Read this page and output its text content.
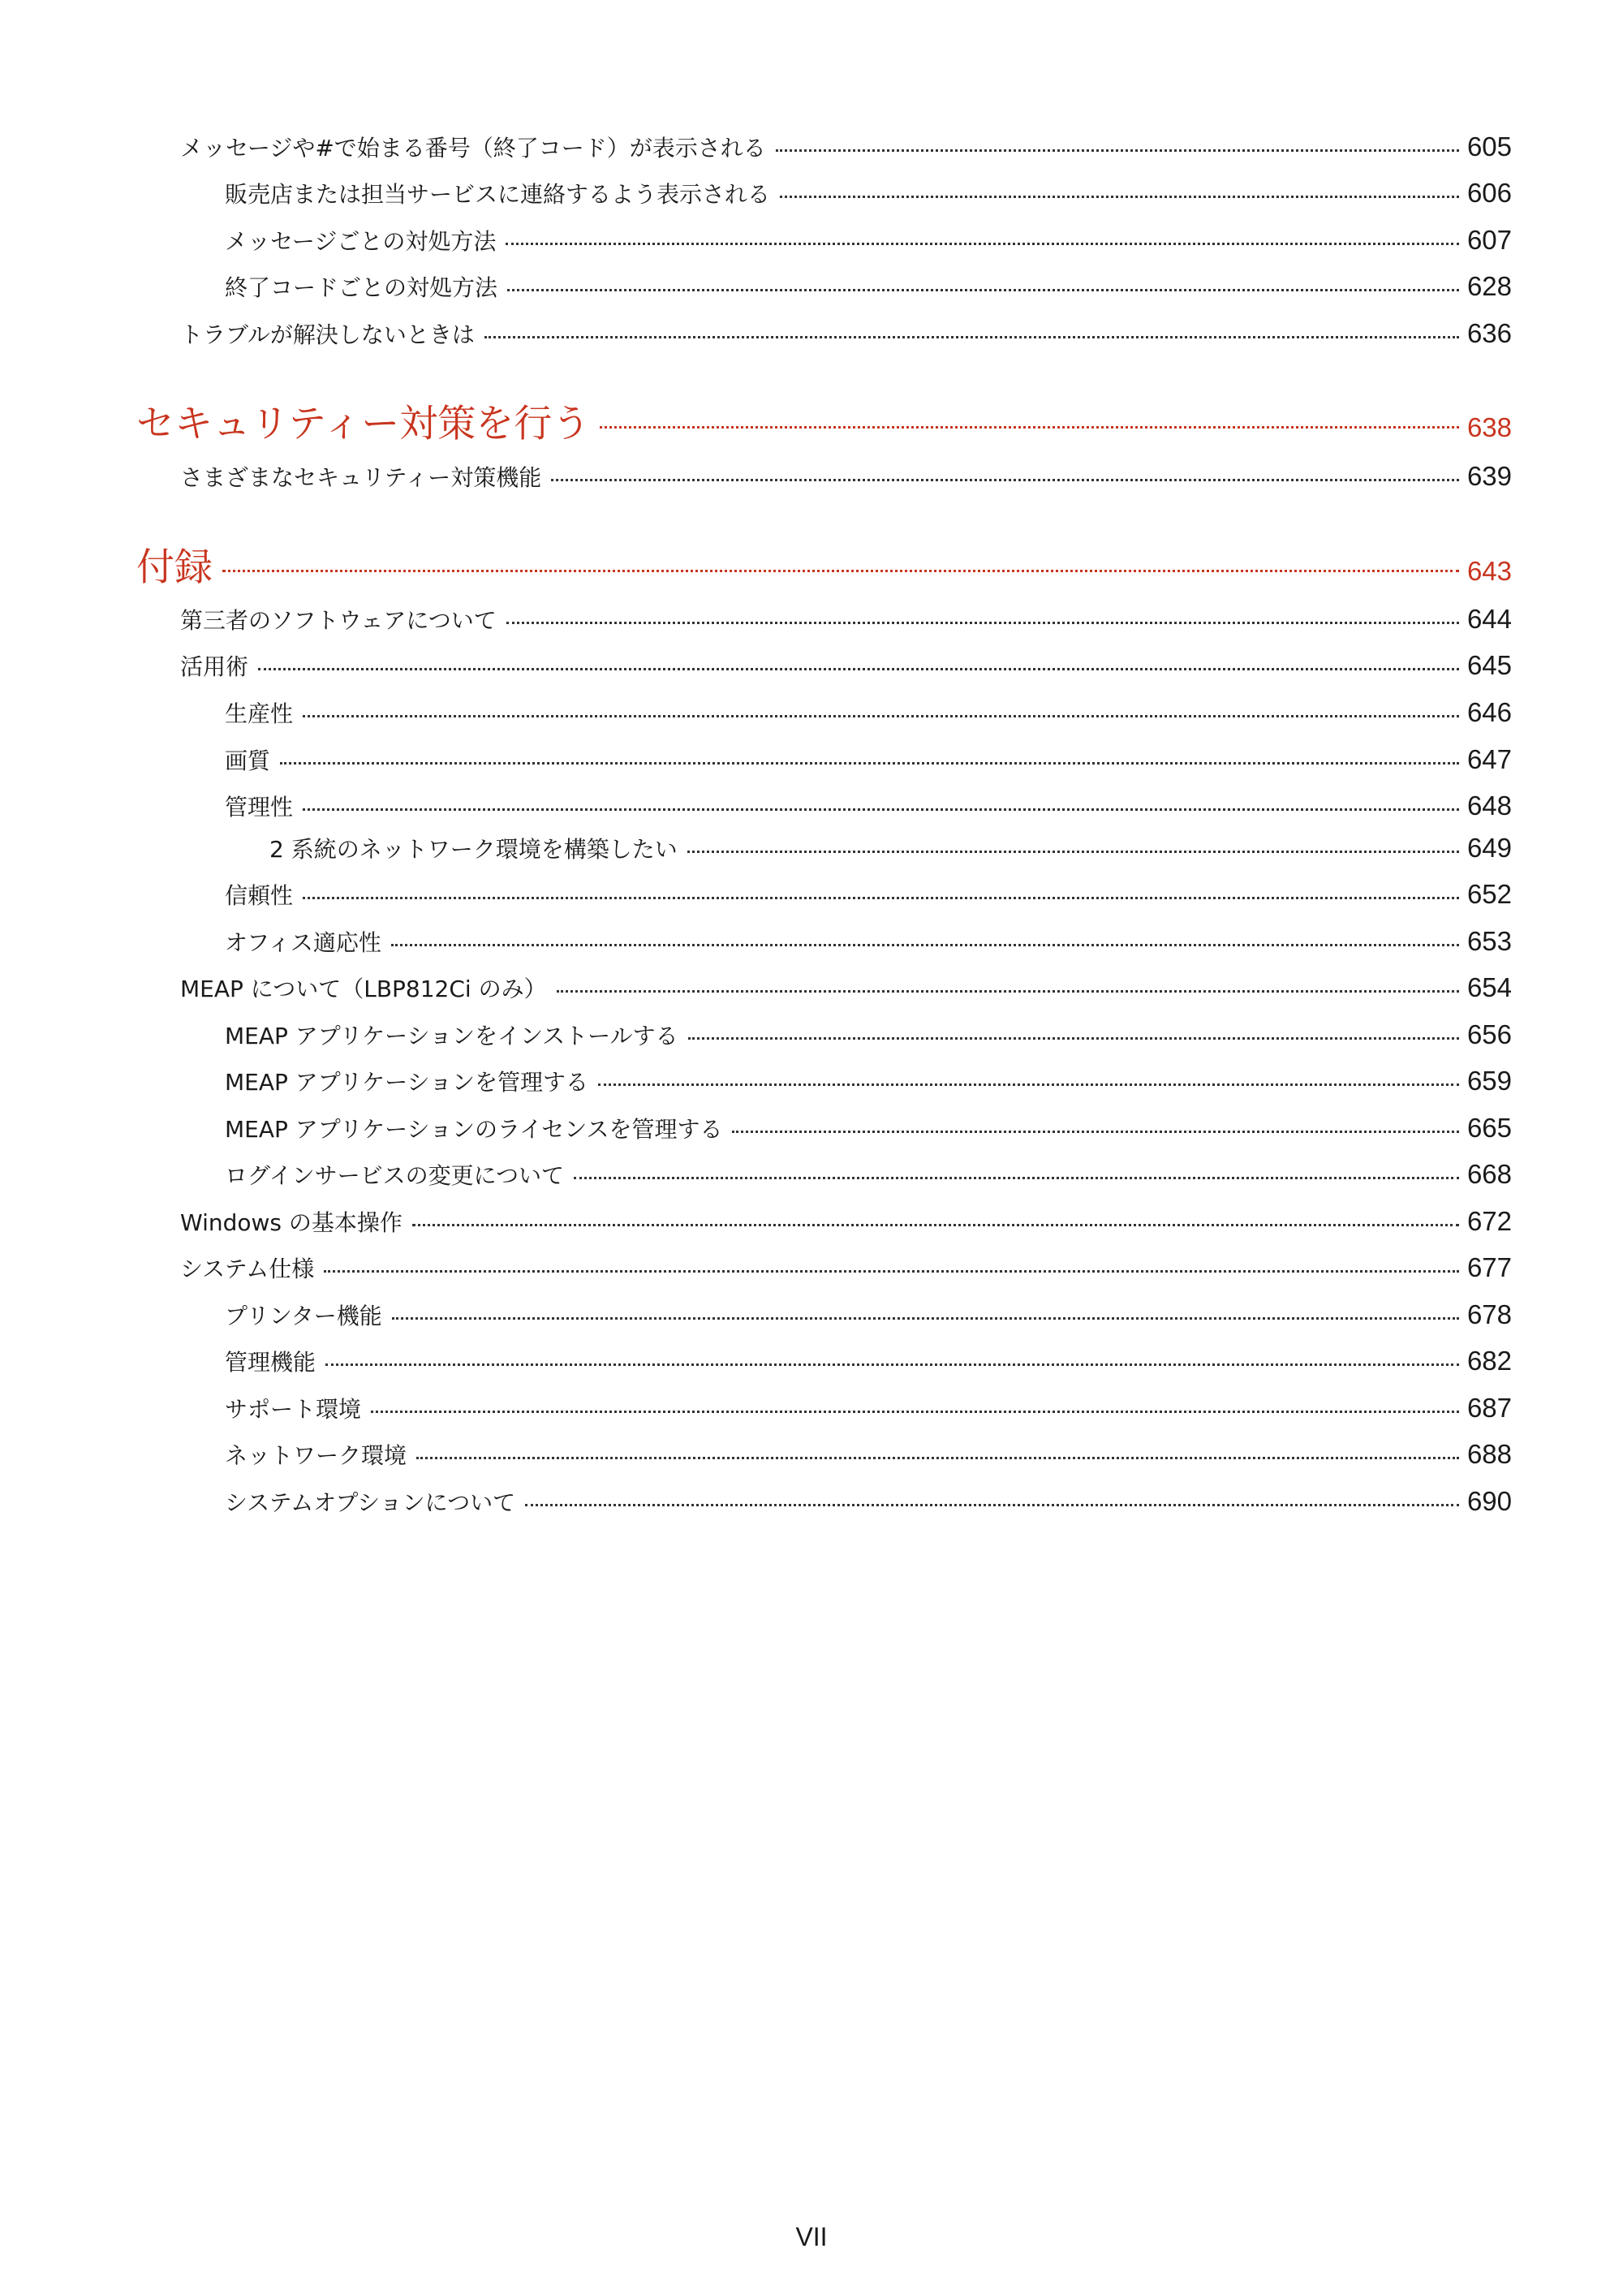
メッセージや#で始まる番号（終了コード）が表示される	605
販売店または担当サービスに連絡するよう表示される	606
メッセージごとの対処方法	607
終了コードごとの対処方法	628
トラブルが解決しないときは	636
セキュリティー対策を行う	638
さまざまなセキュリティー対策機能	639
付録	643
第三者のソフトウェアについて	644
活用術	645
生産性	646
画質	647
管理性	648
2 系統のネットワーク環境を構築したい	649
信頼性	652
オフィス適応性	653
MEAP について（LBP812Ci のみ）	654
MEAP アプリケーションをインストールする	656
MEAP アプリケーションを管理する	659
MEAP アプリケーションのライセンスを管理する	665
ログインサービスの変更について	668
Windows の基本操作	672
システム仕様	677
プリンター機能	678
管理機能	682
サポート環境	687
ネットワーク環境	688
システムオプションについて	690
VII
